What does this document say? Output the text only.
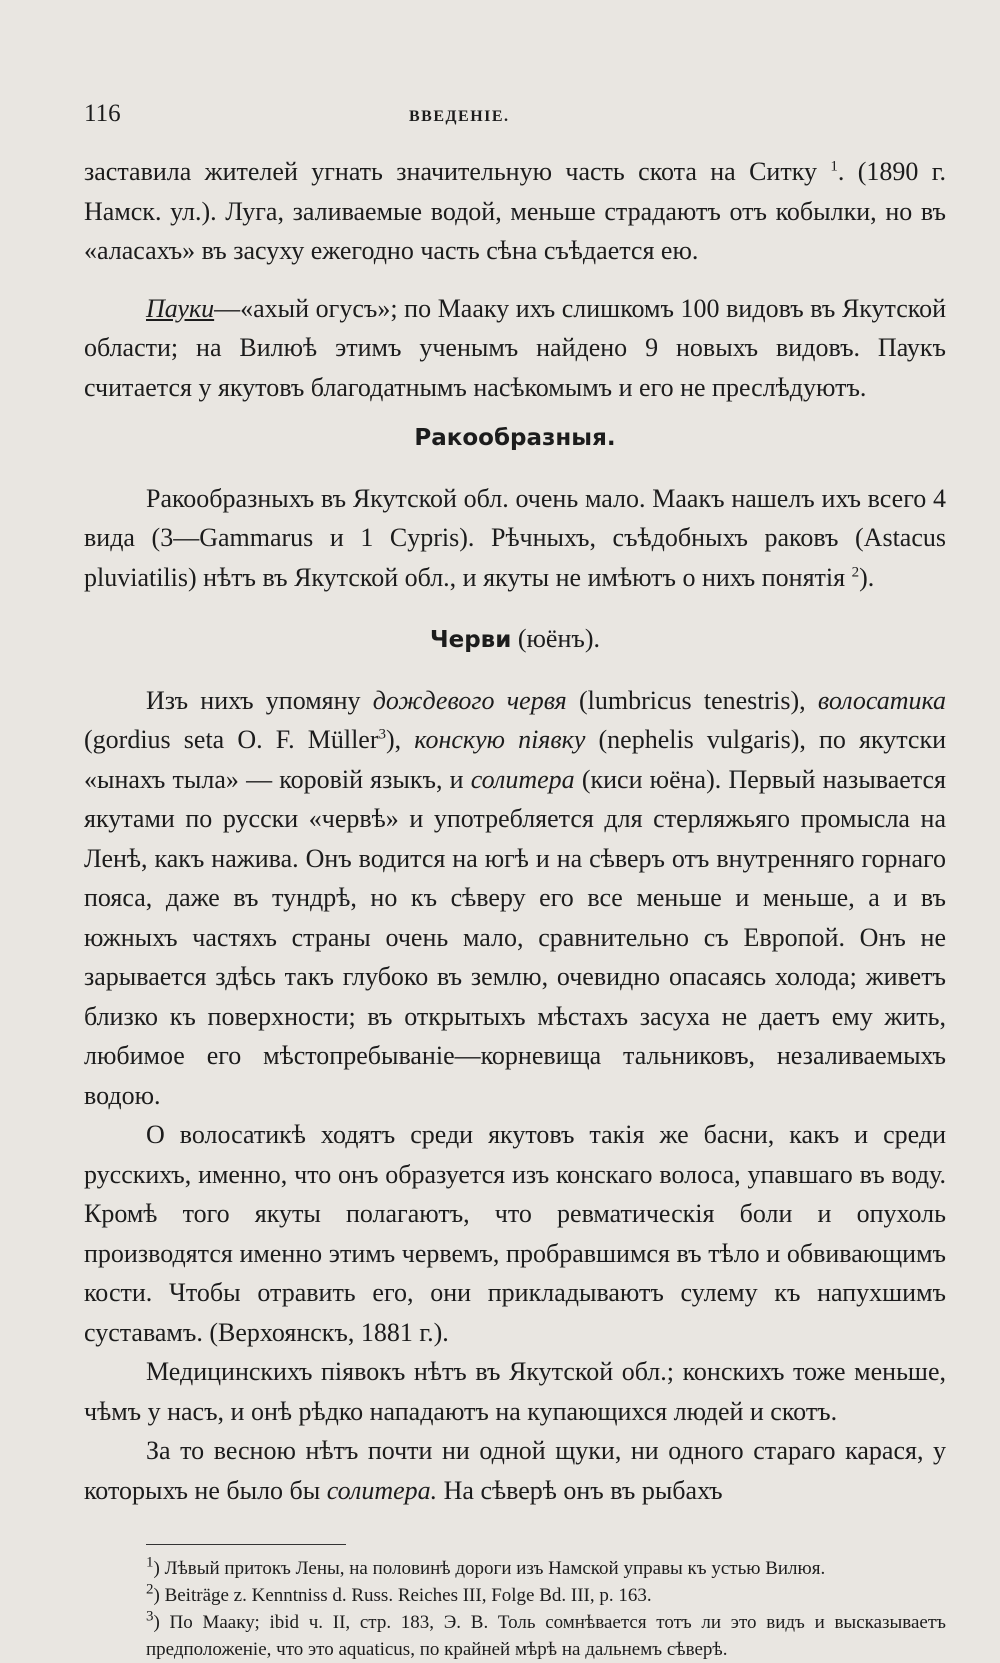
116	ВВЕДЕНIЕ.

заставила жителей угнать значительную часть скота на Ситку $^1$. (1890 г. Намск. ул.). Луга, заливаемые водой, меньше страдаютъ отъ кобылки, но въ «аласахъ» въ засуху ежегодно часть сѣна съѣдается ею.

Пауки—«ахый огусъ»; по Мааку ихъ слишкомъ 100 видовъ въ Якутской области; на Вилюѣ этимъ ученымъ найдено 9 новыхъ видовъ. Паукъ считается у якутовъ благодатнымъ насѣкомымъ и его не преслѣдуютъ.

Ракообразныя.

Ракообразныхъ въ Якутской обл. очень мало. Маакъ нашелъ ихъ всего 4 вида (3—Gammarus и 1 Cypris). Рѣчныхъ, съѣдобныхъ раковъ (Astacus pluviatilis) нѣтъ въ Якутской обл., и якуты не имѣютъ о нихъ понятія $^2$).

Черви (юёнъ).

Изъ нихъ упомяну дождевого червя (lumbricus tenestris), волосатика (gordius seta O. F. Müller$^3$), конскую пiявку (nephelis vulgaris), по якутски «ынахъ тыла» — коровiй языкъ, и солитера (киси юёна). Первый называется якутами по русски «червѣ» и употребляется для стерляжьяго промысла на Ленѣ, какъ нажива. Онъ водится на югѣ и на сѣверъ отъ внутренняго горнаго пояса, даже въ тундрѣ, но къ сѣверу его все меньше и меньше, а и въ южныхъ частяхъ страны очень мало, сравнительно съ Европой. Онъ не зарывается здѣсь такъ глубоко въ землю, очевидно опасаясь холода; живетъ близко къ поверхности; въ открытыхъ мѣстахъ засуха не даетъ ему жить, любимое его мѣстопребыванiе—корневища тальниковъ, незаливаемыхъ водою.

О волосатикѣ ходятъ среди якутовъ такiя же басни, какъ и среди русскихъ, именно, что онъ образуется изъ конскаго волоса, упавшаго въ воду. Кромѣ того якуты полагаютъ, что ревматическiя боли и опухоль производятся именно этимъ червемъ, пробравшимся въ тѣло и обвивающимъ кости. Чтобы отравить его, они прикладываютъ сулему къ напухшимъ суставамъ. (Верхоянскъ, 1881 г.).

Медицинскихъ пiявокъ нѣтъ въ Якутской обл.; конскихъ тоже меньше, чѣмъ у насъ, и онѣ рѣдко нападаютъ на купающихся людей и скотъ.

За то весною нѣтъ почти ни одной щуки, ни одного стараго карася, у которыхъ не было бы солитера. На сѣверѣ онъ въ рыбахъ

$^1$) Лѣвый притокъ Лены, на половинѣ дороги изъ Намской управы къ устью Вилюя.

$^2$) Beiträge z. Kenntniss d. Russ. Reiches III, Folge Bd. III, p. 163.

$^3$) По Мааку; ibid ч. II, стр. 183, Э. В. Толь сомнѣвается тотъ ли это видъ и высказываетъ предположенiе, что это aquaticus, по крайней мѣрѣ на дальнемъ сѣверѣ.
